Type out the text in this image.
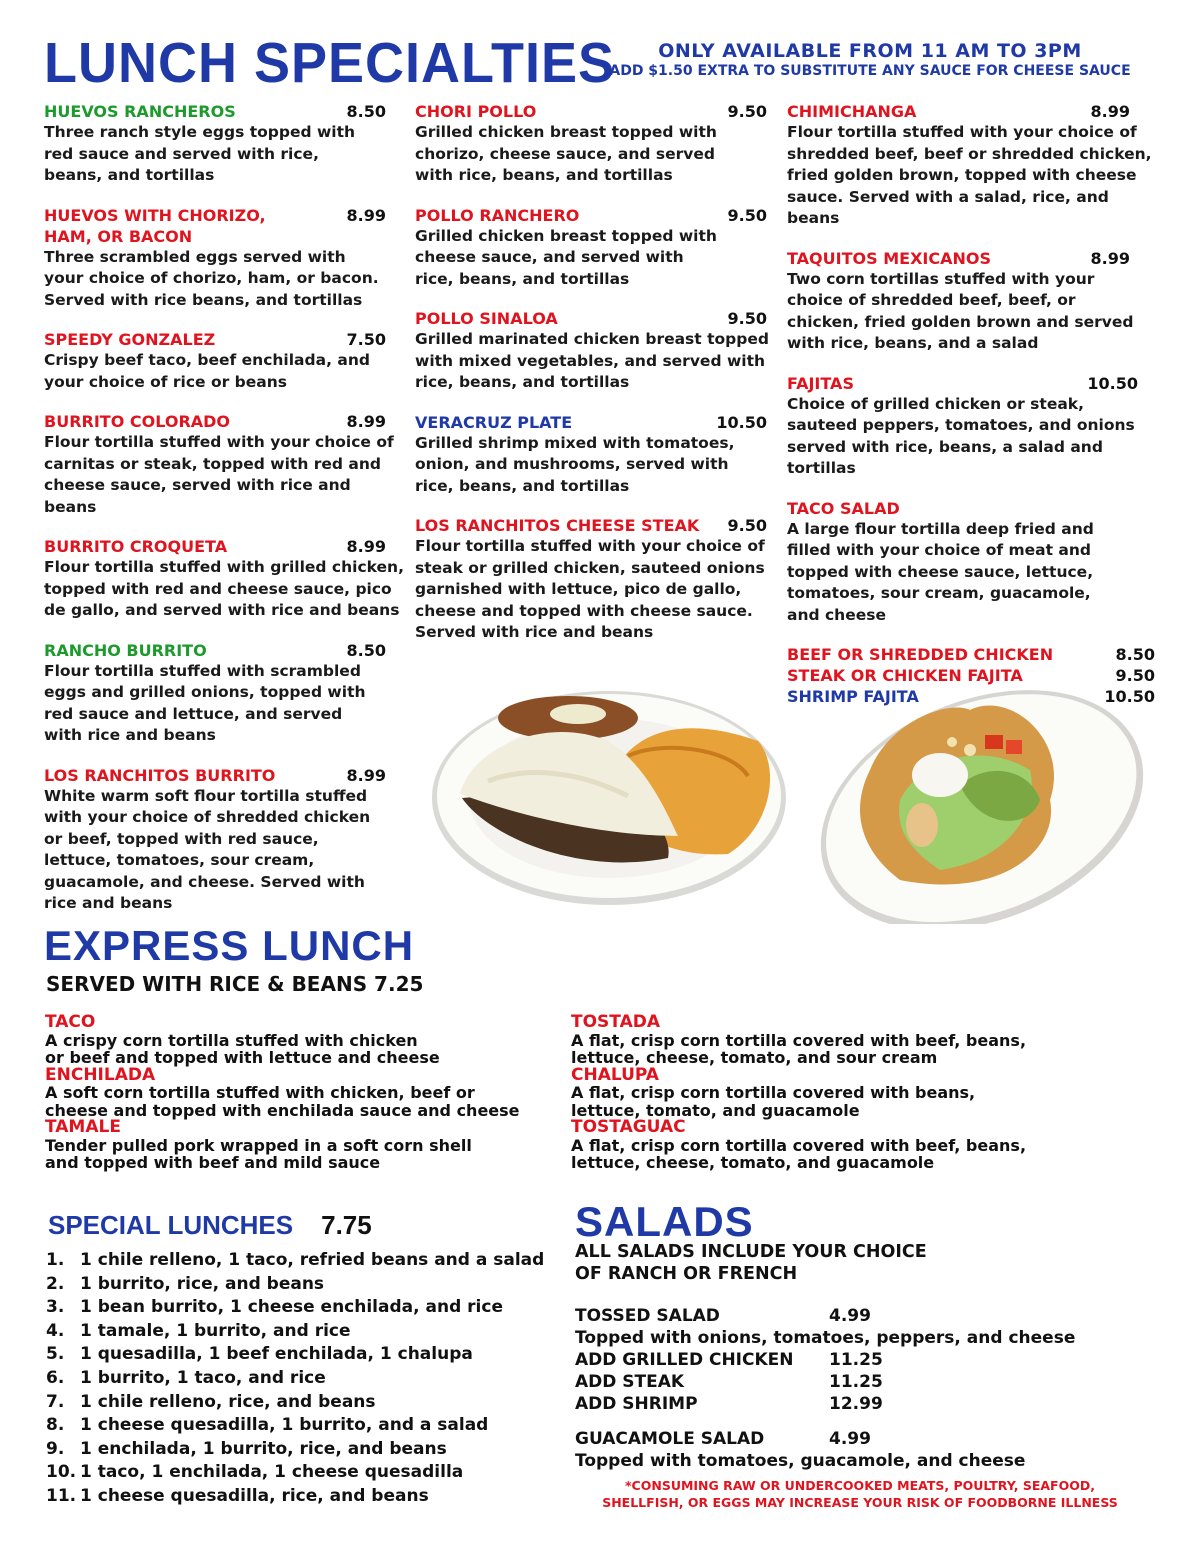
LUNCH SPECIALTIES	ONLY AVAILABLE FROM 11 AM TO 3PM
ADD $1.50 EXTRA TO SUBSTITUTE ANY SAUCE FOR CHEESE SAUCE
HUEVOS RANCHEROS	8.50
Three ranch style eggs topped with red sauce and served with rice, beans, and tortillas
HUEVOS WITH CHORIZO, HAM, OR BACON
8.99
Three scrambled eggs served with your choice of chorizo, ham, or bacon. Served with rice beans, and tortillas
SPEEDY GONZALEZ	7.50
Crispy beef taco, beef enchilada, and your choice of rice or beans
BURRITO COLORADO	8.99
Flour tortilla stuffed with your choice of carnitas or steak, topped with red and cheese sauce, served with rice and beans
BURRITO CROQUETA	8.99
Flour tortilla stuffed with grilled chicken, topped with red and cheese sauce, pico de gallo, and served with rice and beans
RANCHO BURRITO	8.50
Flour tortilla stuffed with scrambled eggs and grilled onions, topped with red sauce and lettuce, and served with rice and beans
LOS RANCHITOS BURRITO	8.99
White warm soft flour tortilla stuffed with your choice of shredded chicken or beef, topped with red sauce, lettuce, tomatoes, sour cream, guacamole, and cheese. Served with rice and beans
CHORI POLLO	9.50
Grilled chicken breast topped with chorizo, cheese sauce, and served with rice, beans, and tortillas
POLLO RANCHERO	9.50
Grilled chicken breast topped with cheese sauce, and served with rice, beans, and tortillas
POLLO SINALOA	9.50
Grilled marinated chicken breast topped with mixed vegetables, and served with rice, beans, and tortillas
VERACRUZ PLATE	10.50
Grilled shrimp mixed with tomatoes, onion, and mushrooms, served with rice, beans, and tortillas
LOS RANCHITOS CHEESE STEAK 9.50
Flour tortilla stuffed with your choice of steak or grilled chicken, sauteed onions garnished with lettuce, pico de gallo, cheese and topped with cheese sauce. Served with rice and beans
CHIMICHANGA	8.99
Flour tortilla stuffed with your choice of shredded beef, beef or shredded chicken, fried golden brown, topped with cheese sauce. Served with a salad, rice, and beans
TAQUITOS MEXICANOS	8.99
Two corn tortillas stuffed with your choice of shredded beef, beef, or chicken, fried golden brown and served with rice, beans, and a salad
FAJITAS	10.50
Choice of grilled chicken or steak, sauteed peppers, tomatoes, and onions served with rice, beans, a salad and tortillas
TACO SALAD
A large flour tortilla deep fried and filled with your choice of meat and topped with cheese sauce, lettuce, tomatoes, sour cream, guacamole, and cheese
BEEF OR SHREDDED CHICKEN	8.50
STEAK OR CHICKEN FAJITA	9.50
SHRIMP FAJITA	10.50
EXPRESS LUNCH
SERVED WITH RICE & BEANS 7.25
TACO
A crispy corn tortilla stuffed with chicken
or beef and topped with lettuce and cheese
ENCHILADA
A soft corn tortilla stuffed with chicken, beef or
cheese and topped with enchilada sauce and cheese
TAMALE
Tender pulled pork wrapped in a soft corn shell
and topped with beef and mild sauce
TOSTADA
A flat, crisp corn tortilla covered with beef, beans,
lettuce, cheese, tomato, and sour cream
CHALUPA
A flat, crisp corn tortilla covered with beans,
lettuce, tomato, and guacamole
TOSTAGUAC
A flat, crisp corn tortilla covered with beef, beans,
lettuce, cheese, tomato, and guacamole
SPECIAL LUNCHES 7.75
1. 1 chile relleno, 1 taco, refried beans and a salad
2. 1 burrito, rice, and beans
3. 1 bean burrito, 1 cheese enchilada, and rice
4. 1 tamale, 1 burrito, and rice
5. 1 quesadilla, 1 beef enchilada, 1 chalupa
6. 1 burrito, 1 taco, and rice
7. 1 chile relleno, rice, and beans
8. 1 cheese quesadilla, 1 burrito, and a salad
9. 1 enchilada, 1 burrito, rice, and beans
10. 1 taco, 1 enchilada, 1 cheese quesadilla
11. 1 cheese quesadilla, rice, and beans
SALADS
ALL SALADS INCLUDE YOUR CHOICE
OF RANCH OR FRENCH
TOSSED SALAD	4.99
Topped with onions, tomatoes, peppers, and cheese
ADD GRILLED CHICKEN	11.25
ADD STEAK	11.25
ADD SHRIMP	12.99
GUACAMOLE SALAD	4.99
Topped with tomatoes, guacamole, and cheese
*CONSUMING RAW OR UNDERCOOKED MEATS, POULTRY, SEAFOOD,
SHELLFISH, OR EGGS MAY INCREASE YOUR RISK OF FOODBORNE ILLNESS
